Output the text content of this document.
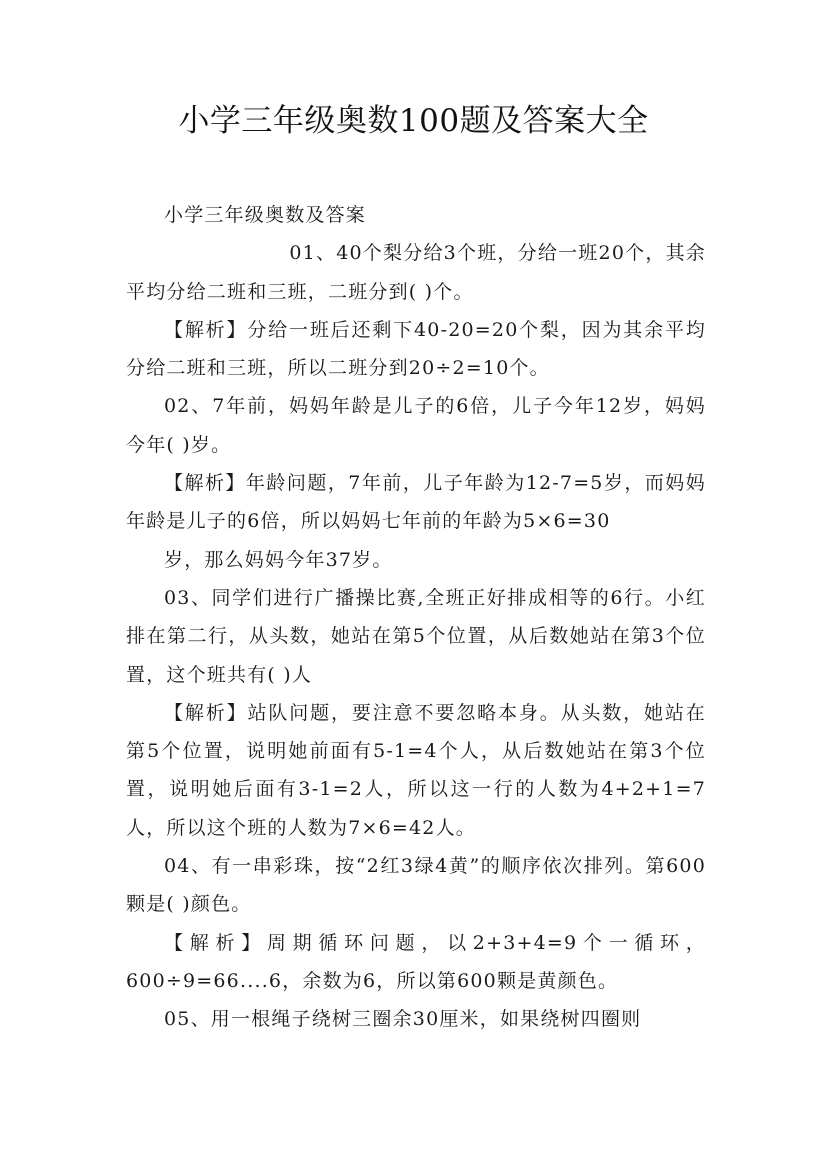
小学三年级奥数100题及答案大全

小学三年级奥数及答案

01、40个梨分给3个班，分给一班20个，其余平均分给二班和三班，二班分到( )个。

【解析】分给一班后还剩下40-20=20个梨，因为其余平均分给二班和三班，所以二班分到20÷2=10个。

02、7年前，妈妈年龄是儿子的6倍，儿子今年12岁，妈妈今年( )岁。

【解析】年龄问题，7年前，儿子年龄为12-7=5岁，而妈妈年龄是儿子的6倍，所以妈妈七年前的年龄为5×6=30

岁，那么妈妈今年37岁。

03、同学们进行广播操比赛,全班正好排成相等的6行。小红排在第二行，从头数，她站在第5个位置，从后数她站在第3个位置，这个班共有( )人

【解析】站队问题，要注意不要忽略本身。从头数，她站在第5个位置，说明她前面有5-1=4个人，从后数她站在第3个位置，说明她后面有3-1=2人，所以这一行的人数为4+2+1=7人，所以这个班的人数为7×6=42人。

04、有一串彩珠，按“2红3绿4黄”的顺序依次排列。第600颗是( )颜色。

【解析】周期循环问题，以2+3+4=9个一循环，600÷9=66....6，余数为6，所以第600颗是黄颜色。

05、用一根绳子绕树三圈余30厘米，如果绕树四圈则
